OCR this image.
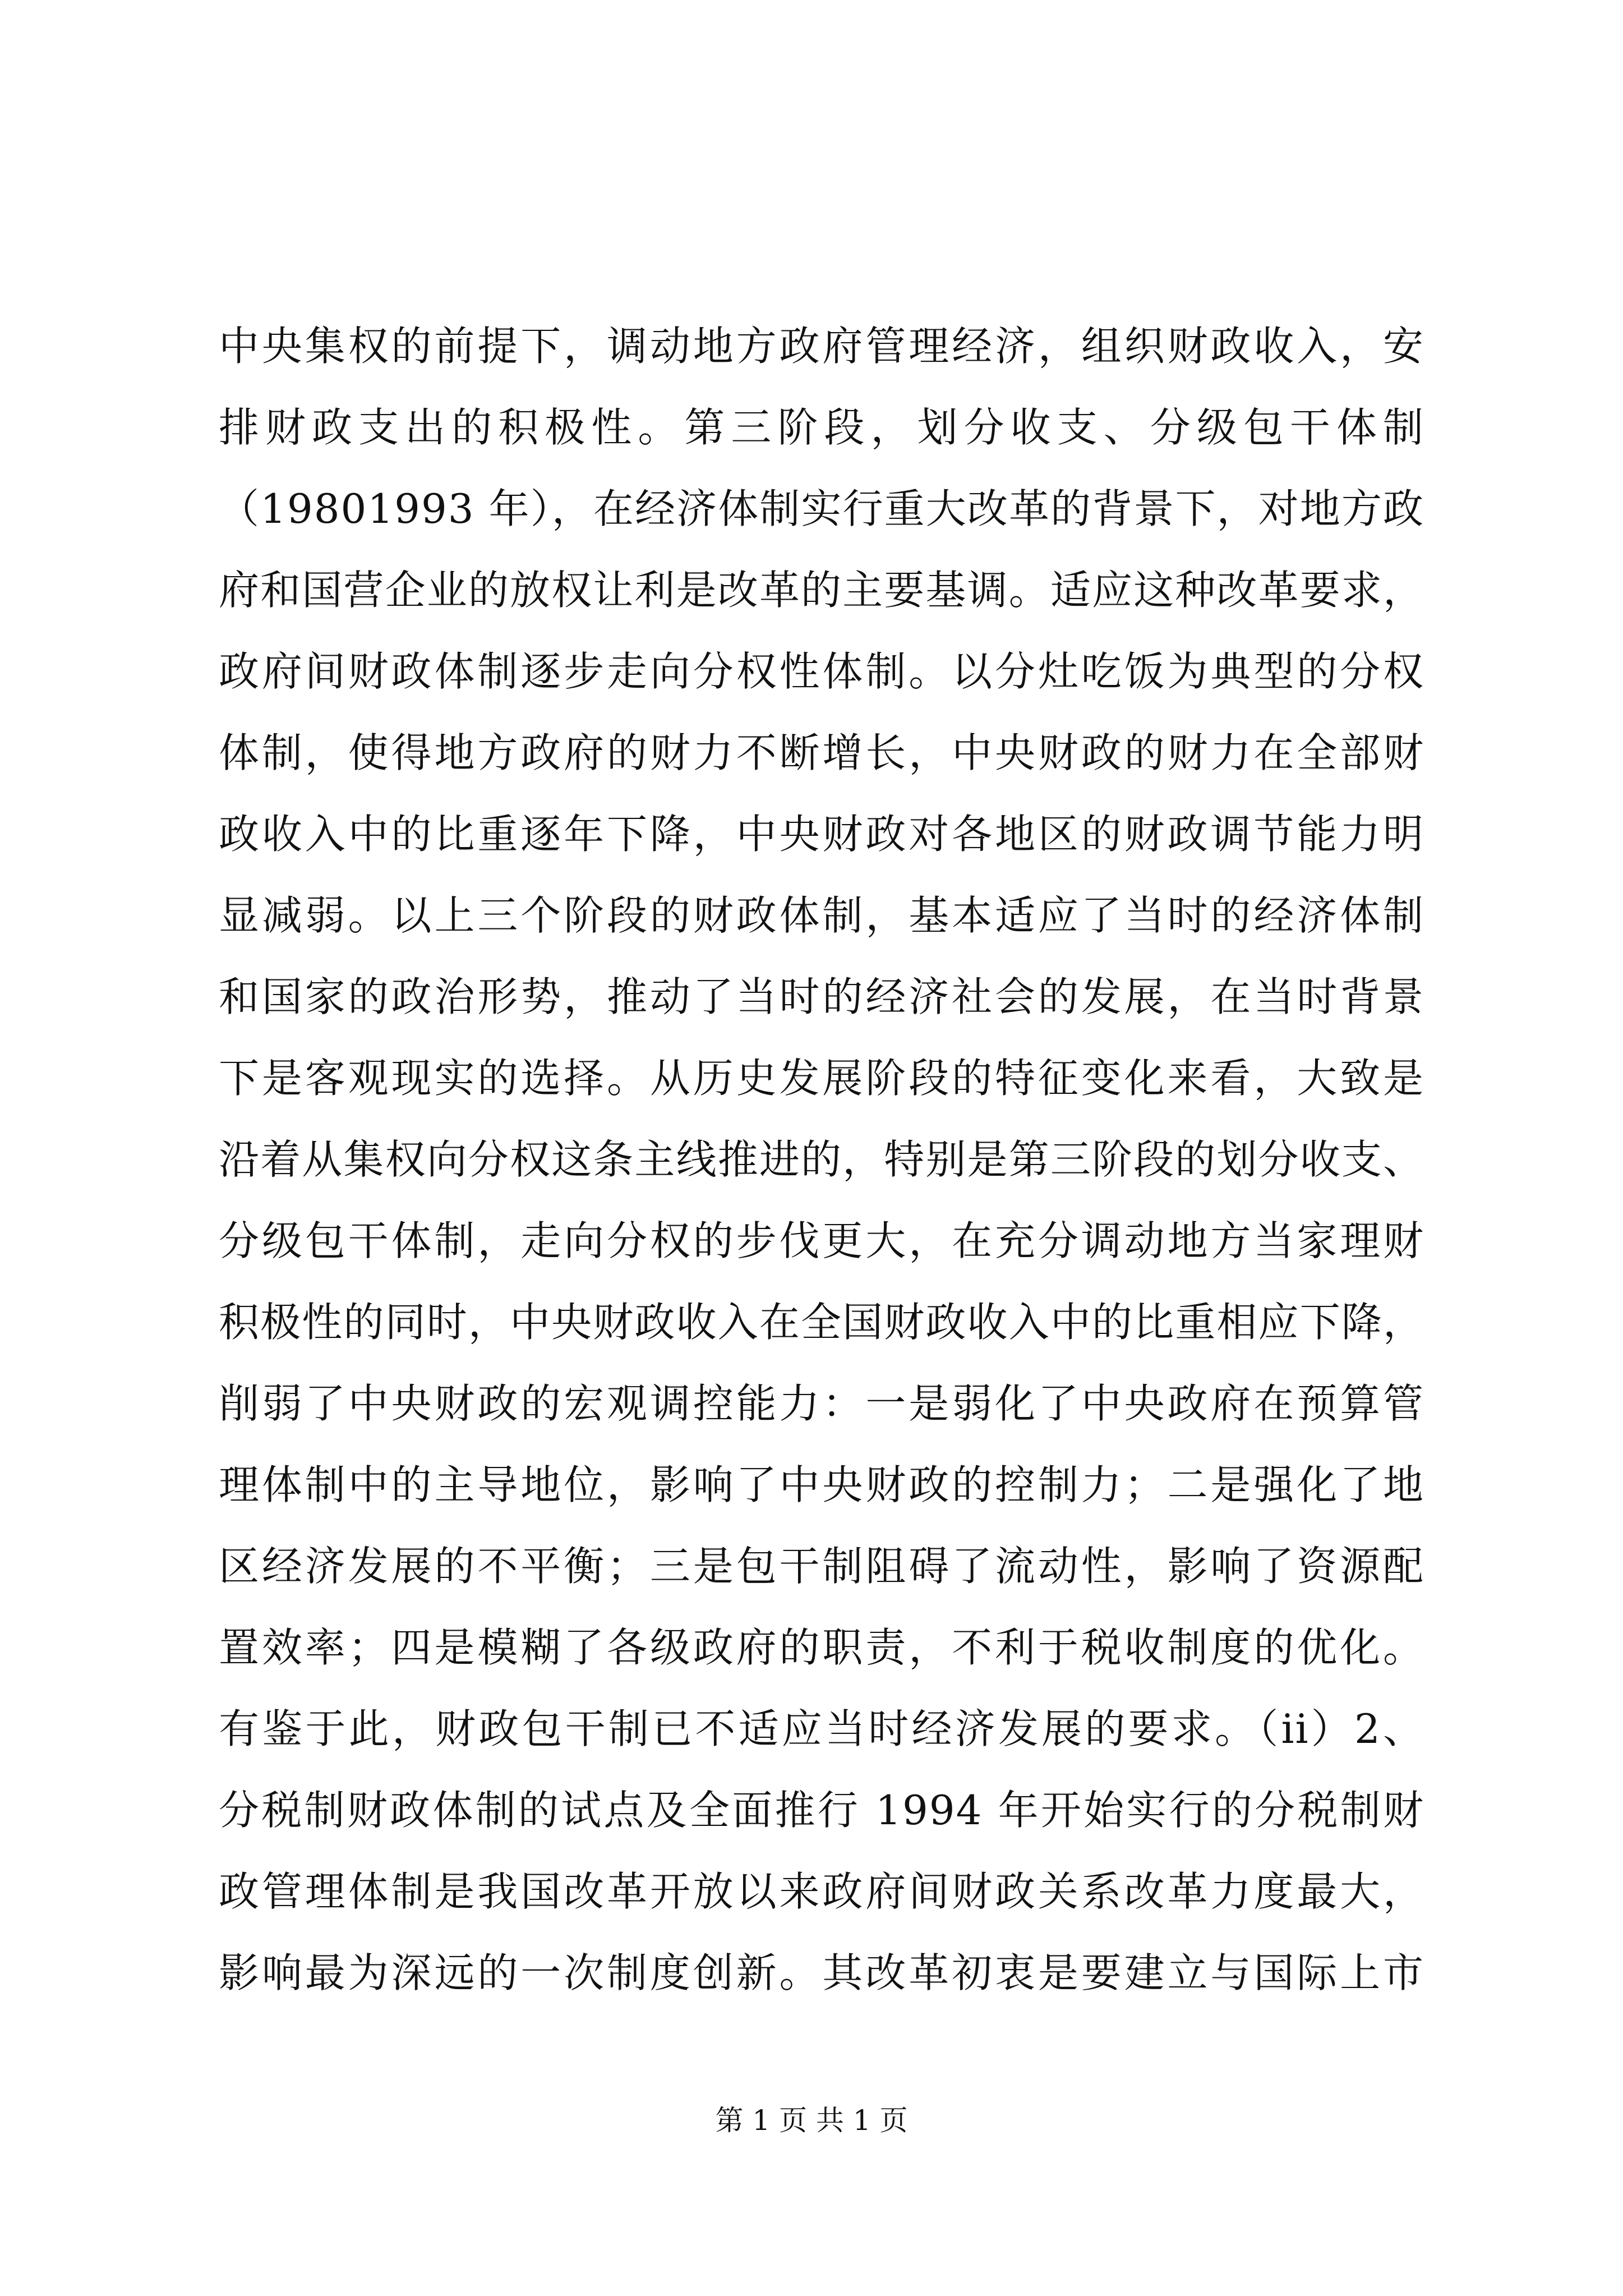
中央集权的前提下，调动地方政府管理经济，组织财政收入，安
排财政支出的积极性。第三阶段，划分收支、分级包干体制
（19801993 年），在经济体制实行重大改革的背景下，对地方政
府和国营企业的放权让利是改革的主要基调。适应这种改革要求，
政府间财政体制逐步走向分权性体制。以分灶吃饭为典型的分权
体制，使得地方政府的财力不断增长，中央财政的财力在全部财
政收入中的比重逐年下降，中央财政对各地区的财政调节能力明
显减弱。以上三个阶段的财政体制，基本适应了当时的经济体制
和国家的政治形势，推动了当时的经济社会的发展，在当时背景
下是客观现实的选择。从历史发展阶段的特征变化来看，大致是
沿着从集权向分权这条主线推进的，特别是第三阶段的划分收支、
分级包干体制，走向分权的步伐更大，在充分调动地方当家理财
积极性的同时，中央财政收入在全国财政收入中的比重相应下降，
削弱了中央财政的宏观调控能力：一是弱化了中央政府在预算管
理体制中的主导地位，影响了中央财政的控制力；二是强化了地
区经济发展的不平衡；三是包干制阻碍了流动性，影响了资源配
置效率；四是模糊了各级政府的职责，不利于税收制度的优化。
有鉴于此，财政包干制已不适应当时经济发展的要求。（ii）2、
分税制财政体制的试点及全面推行 1994 年开始实行的分税制财
政管理体制是我国改革开放以来政府间财政关系改革力度最大，
影响最为深远的一次制度创新。其改革初衷是要建立与国际上市
第 1 页 共 1 页
